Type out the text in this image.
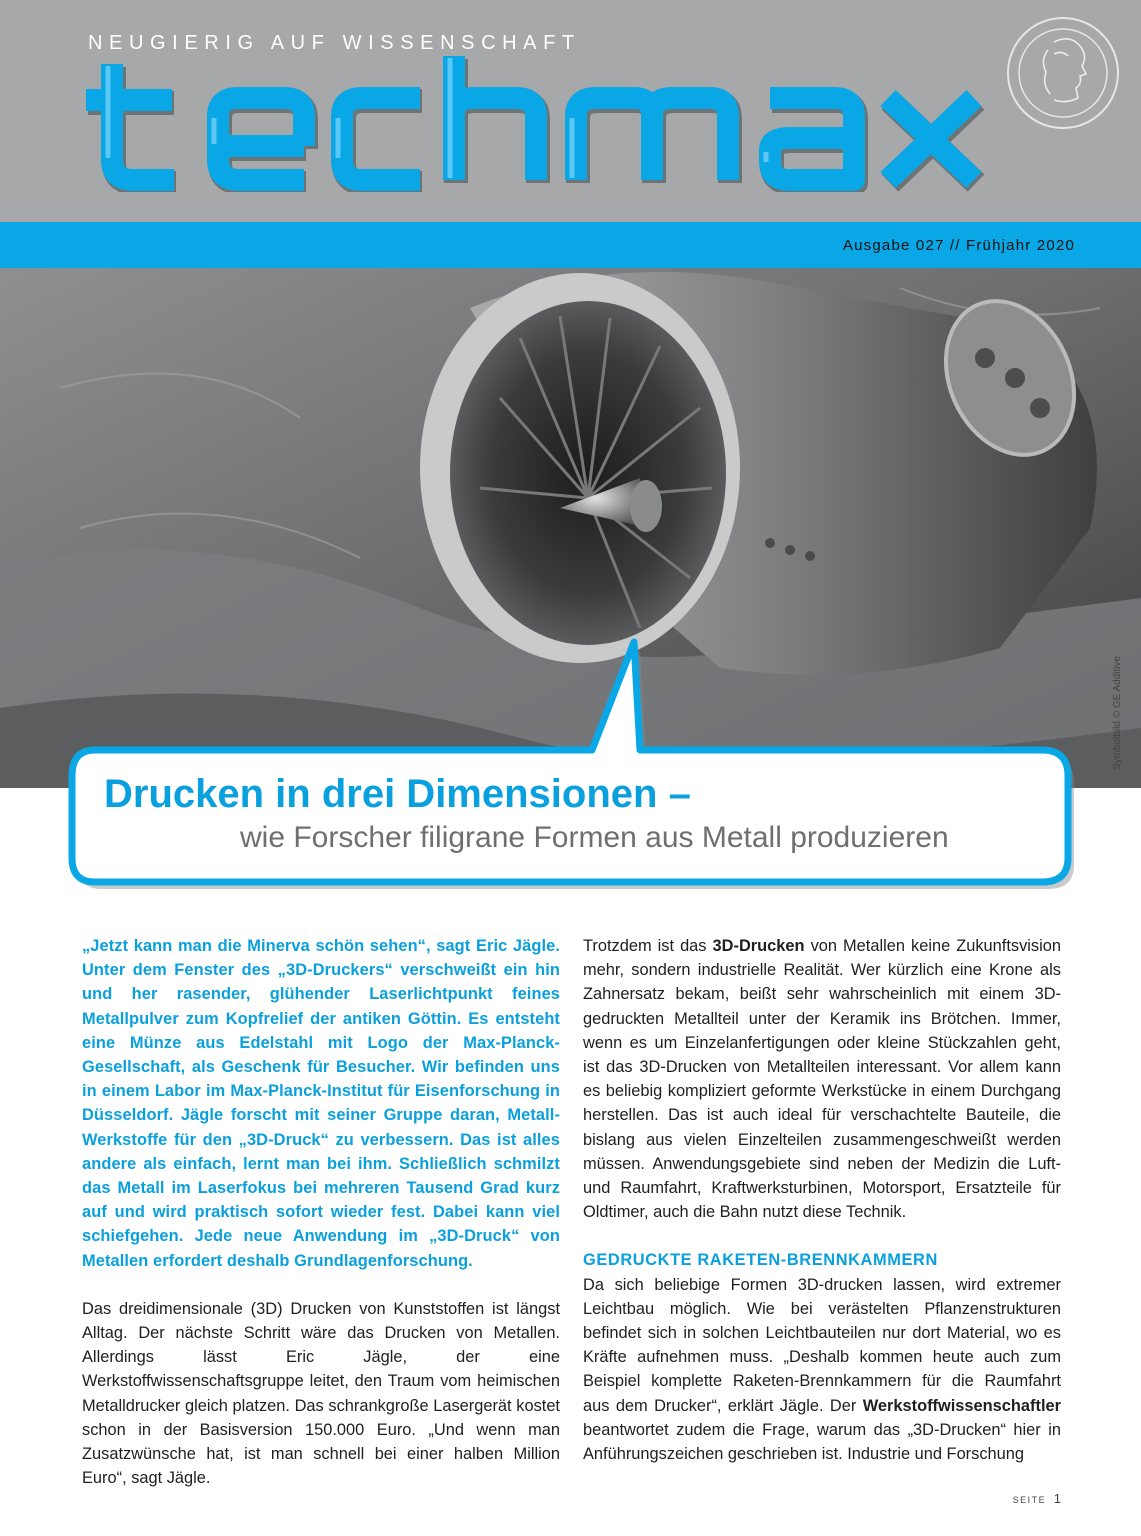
NEUGIERIG AUF WISSENSCHAFT
Ausgabe 027 // Frühjahr 2020
Symbolbild © GE Additive
Drucken in drei Dimensionen –
wie Forscher filigrane Formen aus Metall produzieren

„Jetzt kann man die Minerva schön sehen“, sagt Eric Jägle. Unter dem Fenster des „3D-Druckers“ verschweißt ein hin und her rasender, glühender Laserlichtpunkt feines Metallpulver zum Kopfrelief der antiken Göttin. Es entsteht eine Münze aus Edelstahl mit Logo der Max-Planck-Gesellschaft, als Geschenk für Besucher. Wir befinden uns in einem Labor im Max-Planck-Institut für Eisenforschung in Düsseldorf. Jägle forscht mit seiner Gruppe daran, Metall-Werkstoffe für den „3D-Druck“ zu verbessern. Das ist alles andere als einfach, lernt man bei ihm. Schließlich schmilzt das Metall im Laserfokus bei mehreren Tausend Grad kurz auf und wird praktisch sofort wieder fest. Dabei kann viel schiefgehen. Jede neue Anwendung im „3D-Druck“ von Metallen erfordert deshalb Grundlagenforschung.

Das dreidimensionale (3D) Drucken von Kunststoffen ist längst Alltag. Der nächste Schritt wäre das Drucken von Metallen. Allerdings lässt Eric Jägle, der eine Werkstoffwissenschaftsgruppe leitet, den Traum vom heimischen Metalldrucker gleich platzen. Das schrankgroße Lasergerät kostet schon in der Basisversion 150.000 Euro. „Und wenn man Zusatzwünsche hat, ist man schnell bei einer halben Million Euro“, sagt Jägle.

Trotzdem ist das 3D-Drucken von Metallen keine Zukunftsvision mehr, sondern industrielle Realität. Wer kürzlich eine Krone als Zahnersatz bekam, beißt sehr wahrscheinlich mit einem 3D-gedruckten Metallteil unter der Keramik ins Brötchen. Immer, wenn es um Einzelanfertigungen oder kleine Stückzahlen geht, ist das 3D-Drucken von Metallteilen interessant. Vor allem kann es beliebig kompliziert geformte Werkstücke in einem Durchgang herstellen. Das ist auch ideal für verschachtelte Bauteile, die bislang aus vielen Einzelteilen zusammengeschweißt werden müssen. Anwendungsgebiete sind neben der Medizin die Luft- und Raumfahrt, Kraftwerksturbinen, Motorsport, Ersatzteile für Oldtimer, auch die Bahn nutzt diese Technik.

GEDRUCKTE RAKETEN-BRENNKAMMERN

Da sich beliebige Formen 3D-drucken lassen, wird extremer Leichtbau möglich. Wie bei verästelten Pflanzenstrukturen befindet sich in solchen Leichtbauteilen nur dort Material, wo es Kräfte aufnehmen muss. „Deshalb kommen heute auch zum Beispiel komplette Raketen-Brennkammern für die Raumfahrt aus dem Drucker“, erklärt Jägle. Der Werkstoffwissenschaftler beantwortet zudem die Frage, warum das „3D-Drucken“ hier in Anführungszeichen geschrieben ist. Industrie und Forschung

SEITE 1
